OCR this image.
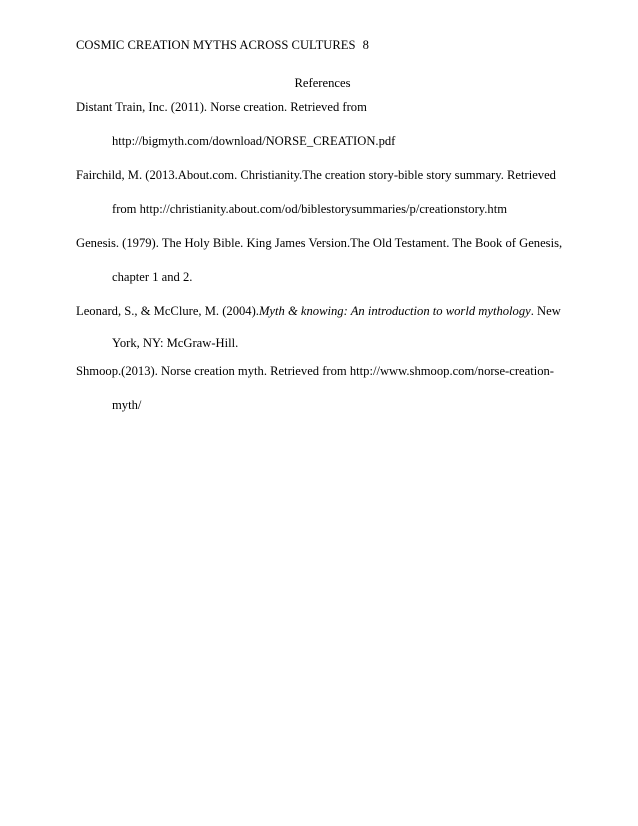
COSMIC CREATION MYTHS ACROSS CULTURES 8
References
Distant Train, Inc. (2011). Norse creation. Retrieved from
http://bigmyth.com/download/NORSE_CREATION.pdf
Fairchild, M. (2013.About.com. Christianity.The creation story-bible story summary. Retrieved
from http://christianity.about.com/od/biblestorysummaries/p/creationstory.htm
Genesis. (1979). The Holy Bible. King James Version.The Old Testament. The Book of Genesis,
chapter 1 and 2.
Leonard, S., & McClure, M. (2004).Myth & knowing: An introduction to world mythology. New
York, NY: McGraw-Hill.
Shmoop.(2013). Norse creation myth. Retrieved from http://www.shmoop.com/norse-creation-
myth/
